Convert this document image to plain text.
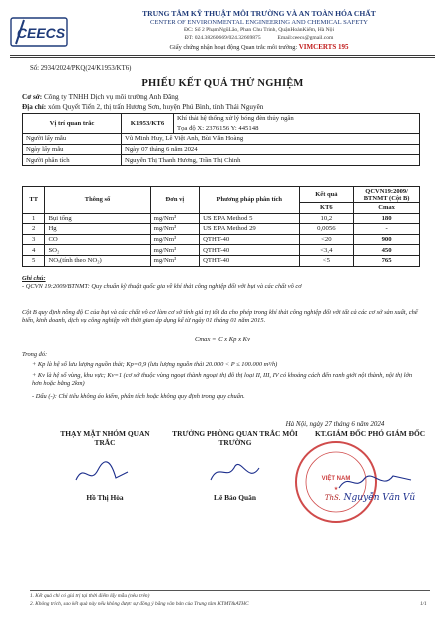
CEECS
TRUNG TÂM KỸ THUẬT MÔI TRƯỜNG VÀ AN TOÀN HÓA CHẤT
CENTER OF ENVIRONMENTAL ENGINEERING AND CHEMICAL SAFETY
ĐC: Số 2 PhạmNgũLão, Phan Chu Trinh, QuậnHoànKiếm, Hà Nội
ĐT: 024.38260669/024.32669875	Email:ceecs@gmail.com
Giấy chứng nhận hoạt động Quan trắc môi trường: VIMCERTS 195
Số: 2934/2024/PKQ(24/K1953/KT6)
PHIẾU KẾT QUẢ THỬ NGHIỆM
Cơ sở: Công ty TNHH Dịch vụ môi trường Anh Đăng
Địa chỉ: xóm Quyết Tiến 2, thị trấn Hương Sơn, huyện Phú Bình, tỉnh Thái Nguyên
Vị trí quan trắc	K1953/KT6	Khí thải hệ thống xử lý bóng đèn thủy ngân
		Tọa độ X: 2376156 Y: 445148
Người lấy mẫu	Vũ Minh Huy, Lê Việt Anh, Bùi Văn Hoàng	
Ngày lấy mẫu	Ngày 07 tháng 6 năm 2024	
Người phân tích	Nguyễn Thị Thanh Hương, Trần Thị Chinh	
TT	Thông số	Đơn vị	Phương pháp phân tích	Kết quả	QCVN19:2009/ BTNMT (Cột B)
				KT6	Cmax
1	Bụi tổng	mg/Nm³	US EPA Method 5	10,2	180
2	Hg	mg/Nm³	US EPA Method 29	0,0056	-
3	CO	mg/Nm³	QTHT-40	<20	900
4	SO₂	mg/Nm³	QTHT-40	<3,4	450
5	NOₓ(tính theo NO₂)	mg/Nm³	QTHT-40	<5	765
Ghi chú:
- QCVN 19:2009/BTNMT: Quy chuẩn kỹ thuật quốc gia về khí thải công nghiệp đối với bụi và các chất vô cơ
Cột B quy định nồng độ C của bụi và các chất vô cơ làm cơ sở tính giá trị tối đa cho phép trong khí thải công nghiệp đối với tất cả các cơ sở sản xuất, chế biến, kinh doanh, dịch vụ công nghiệp với thời gian áp dụng kể từ ngày 01 tháng 01 năm 2015.
Cmax = C x Kp x Kv
Trong đó:
+ Kp là hệ số lưu lượng nguồn thải; Kp=0,9 (lưu lượng nguồn thải 20.000 < P ≤ 100.000 m³/h)
+ Kv là hệ số vùng, khu vực; Kv=1 (cơ sở thuộc vùng ngoại thành ngoại thị đô thị loại II, III, IV có khoảng cách đến ranh giới nội thành, nội thị lớn hơn hoặc bằng 2km)
- Dấu (-): Chỉ tiêu không áo kiểm, phân tích hoặc không quy định trong quy chuẩn.
Hà Nội, ngày 27 tháng 6 năm 2024
THẠY MẶT NHÓM QUAN TRẮC
TRƯỞNG PHÒNG QUAN TRẮC MÔI TRƯỜNG
KT.GIÁM ĐỐC PHÓ GIÁM ĐỐC
VIỆT NAM
★
Hồ Thị Hòa	Lê Bảo Quân	ThS. Nguyễn Văn Vũ
1. Kết quả chỉ có giá trị tại thời điểm lấy mẫu (nêu trên)
2. Không trích, sao kết quả này nếu không được sự đồng ý bằng văn bản của Trung tâm KTMT&ATHC	1/1
